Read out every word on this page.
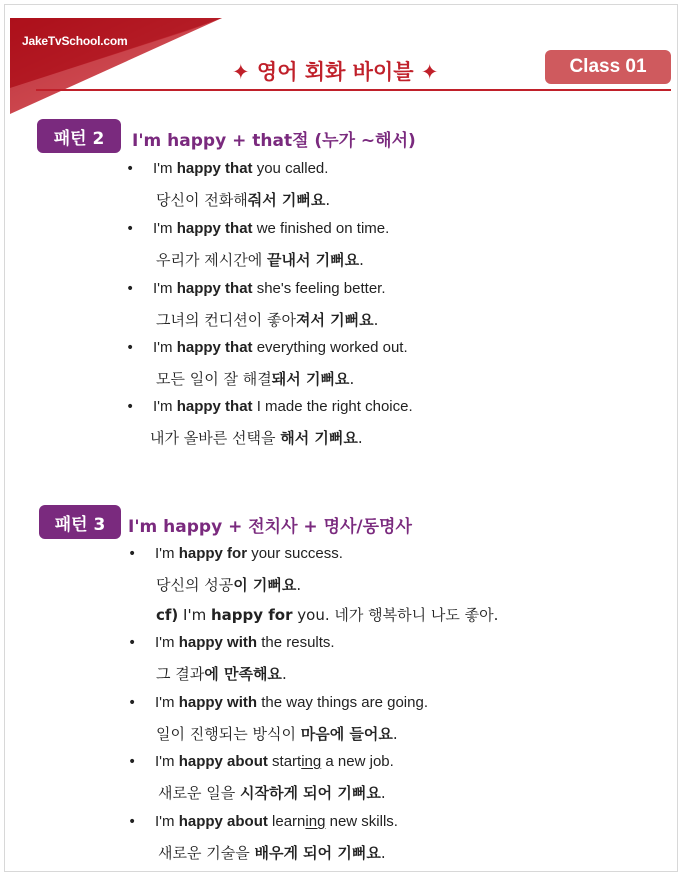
JakeTvSchool.com
✦ 영어 회화 바이블 ✦	Class 01
패턴 2	I'm happy + that절 (누가 ~해서)
• I'm happy that you called.
당신이 전화해줘서 기뻐요.
• I'm happy that we finished on time.
우리가 제시간에 끝내서 기뻐요.
• I'm happy that she's feeling better.
그녀의 컨디션이 좋아져서 기뻐요.
• I'm happy that everything worked out.
모든 일이 잘 해결돼서 기뻐요.
• I'm happy that I made the right choice.
내가 올바른 선택을 해서 기뻐요.
패턴 3	I'm happy + 전치사 + 명사/동명사
• I'm happy for your success.
당신의 성공이 기뻐요.
• I'm happy with the results.
그 결과에 만족해요.
• I'm happy with the way things are going.
일이 진행되는 방식이 마음에 들어요.
• I'm happy about starting a new job.
새로운 일을 시작하게 되어 기뻐요.
• I'm happy about learning new skills.
새로운 기술을 배우게 되어 기뻐요.
cf) I'm happy for you. 네가 행복하니 나도 좋아.
